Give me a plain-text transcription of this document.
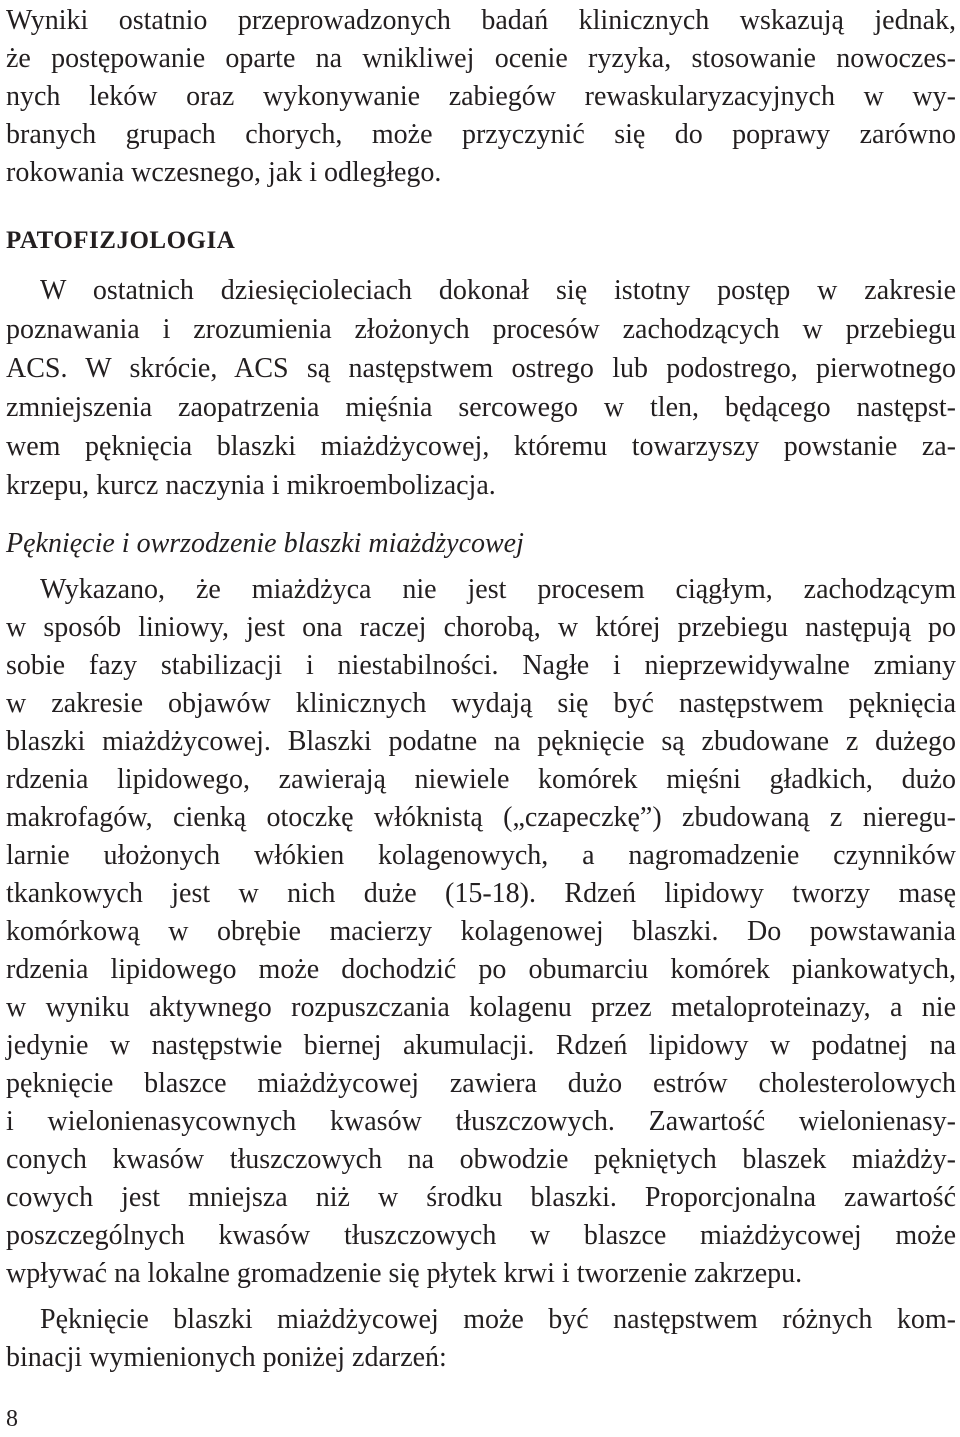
Wyniki ostatnio przeprowadzonych badań klinicznych wskazują jednak,
że postępowanie oparte na wnikliwej ocenie ryzyka, stosowanie nowoczes-
nych leków oraz wykonywanie zabiegów rewaskularyzacyjnych w wy-
branych grupach chorych, może przyczynić się do poprawy zarówno
rokowania wczesnego, jak i odległego.
PATOFIZJOLOGIA
W ostatnich dziesięcioleciach dokonał się istotny postęp w zakresie
poznawania i zrozumienia złożonych procesów zachodzących w przebiegu
ACS. W skrócie, ACS są następstwem ostrego lub podostrego, pierwotnego
zmniejszenia zaopatrzenia mięśnia sercowego w tlen, będącego następst-
wem pęknięcia blaszki miażdżycowej, któremu towarzyszy powstanie za-
krzepu, kurcz naczynia i mikroembolizacja.
Pęknięcie i owrzodzenie blaszki miażdżycowej
Wykazano, że miażdżyca nie jest procesem ciągłym, zachodzącym
w sposób liniowy, jest ona raczej chorobą, w której przebiegu następują po
sobie fazy stabilizacji i niestabilności. Nagłe i nieprzewidywalne zmiany
w zakresie objawów klinicznych wydają się być następstwem pęknięcia
blaszki miażdżycowej. Blaszki podatne na pęknięcie są zbudowane z dużego
rdzenia lipidowego, zawierają niewiele komórek mięśni gładkich, dużo
makrofagów, cienką otoczkę włóknistą („czapeczkę”) zbudowaną z nieregu-
larnie ułożonych włókien kolagenowych, a nagromadzenie czynników
tkankowych jest w nich duże (15-18). Rdzeń lipidowy tworzy masę
komórkową w obrębie macierzy kolagenowej blaszki. Do powstawania
rdzenia lipidowego może dochodzić po obumarciu komórek piankowatych,
w wyniku aktywnego rozpuszczania kolagenu przez metaloproteinazy, a nie
jedynie w następstwie biernej akumulacji. Rdzeń lipidowy w podatnej na
pęknięcie blaszce miażdżycowej zawiera dużo estrów cholesterolowych
i wielonienasycownych kwasów tłuszczowych. Zawartość wielonienasy-
conych kwasów tłuszczowych na obwodzie pękniętych blaszek miażdży-
cowych jest mniejsza niż w środku blaszki. Proporcjonalna zawartość
poszczególnych kwasów tłuszczowych w blaszce miażdżycowej może
wpływać na lokalne gromadzenie się płytek krwi i tworzenie zakrzepu.
Pęknięcie blaszki miażdżycowej może być następstwem różnych kom-
binacji wymienionych poniżej zdarzeń:
8
